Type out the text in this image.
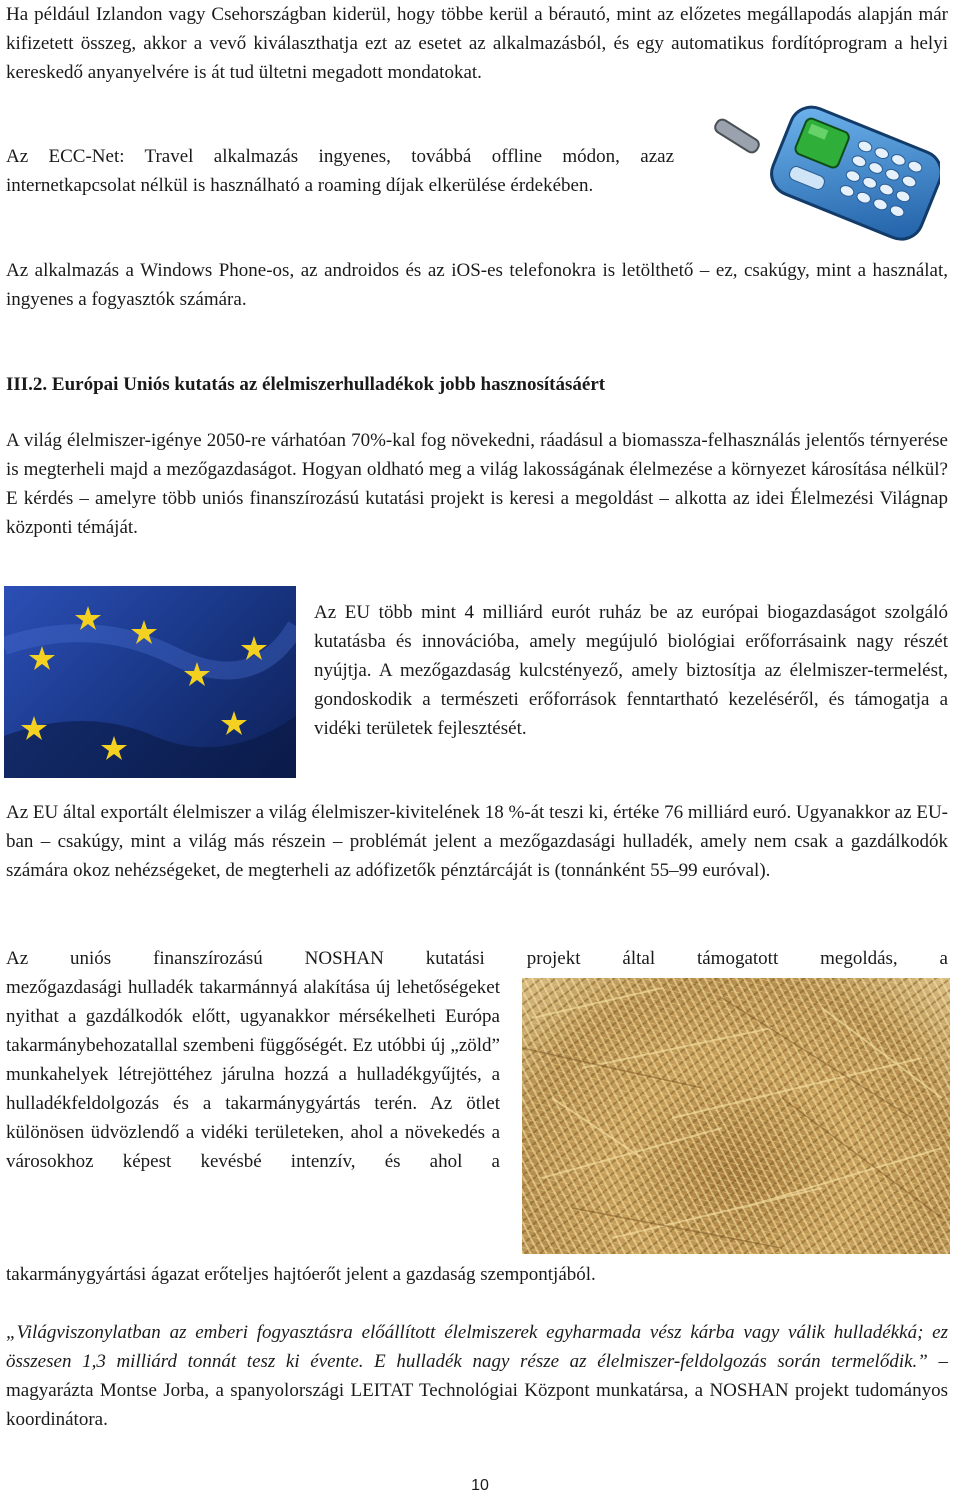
Ha például Izlandon vagy Csehországban kiderül, hogy többe kerül a bérautó, mint az előzetes megállapodás alapján már kifizetett összeg, akkor a vevő kiválaszthatja ezt az esetet az alkalmazásból, és egy automatikus fordítóprogram a helyi kereskedő anyanyelvére is át tud ültetni megadott mondatokat.

Az ECC-Net: Travel alkalmazás ingyenes, továbbá offline módon, azaz internetkapcsolat nélkül is használható a roaming díjak elkerülése érdekében.

Az alkalmazás a Windows Phone-os, az androidos és az iOS-es telefonokra is letölthető – ez, csakúgy, mint a használat, ingyenes a fogyasztók számára.

III.2. Európai Uniós kutatás az élelmiszerhulladékok jobb hasznosításáért

A világ élelmiszer-igénye 2050-re várhatóan 70%-kal fog növekedni, ráadásul a biomassza-felhasználás jelentős térnyerése is megterheli majd a mezőgazdaságot. Hogyan oldható meg a világ lakosságának élelmezése a környezet károsítása nélkül? E kérdés – amelyre több uniós finanszírozású kutatási projekt is keresi a megoldást – alkotta az idei Élelmezési Világnap központi témáját.

Az EU több mint 4 milliárd eurót ruház be az európai biogazdaságot szolgáló kutatásba és innovációba, amely megújuló biológiai erőforrásaink nagy részét nyújtja. A mezőgazdaság kulcstényező, amely biztosítja az élelmiszer-termelést, gondoskodik a természeti erőforrások fenntartható kezeléséről, és támogatja a vidéki területek fejlesztését.

Az EU által exportált élelmiszer a világ élelmiszer-kivitelének 18 %-át teszi ki, értéke 76 milliárd euró. Ugyanakkor az EU-ban – csakúgy, mint a világ más részein – problémát jelent a mezőgazdasági hulladék, amely nem csak a gazdálkodók számára okoz nehézségeket, de megterheli az adófizetők pénztárcáját is (tonnánként 55–99 euróval).

Az uniós finanszírozású NOSHAN kutatási projekt által támogatott megoldás, a

mezőgazdasági hulladék takarmánnyá alakítása új lehetőségeket nyithat a gazdálkodók előtt, ugyanakkor mérsékelheti Európa takarmánybehozatallal szembeni függőségét. Ez utóbbi új „zöld” munkahelyek létrejöttéhez járulna hozzá a hulladékgyűjtés, a hulladékfeldolgozás és a takarmánygyártás terén. Az ötlet különösen üdvözlendő a vidéki területeken, ahol a növekedés a városokhoz képest kevésbé intenzív, és ahol a

takarmánygyártási ágazat erőteljes hajtóerőt jelent a gazdaság szempontjából.

„Világviszonylatban az emberi fogyasztásra előállított élelmiszerek egyharmada vész kárba vagy válik hulladékká; ez összesen 1,3 milliárd tonnát tesz ki évente. E hulladék nagy része az élelmiszer-feldolgozás során termelődik.” – magyarázta Montse Jorba, a spanyolországi LEITAT Technológiai Központ munkatársa, a NOSHAN projekt tudományos koordinátora.

10
